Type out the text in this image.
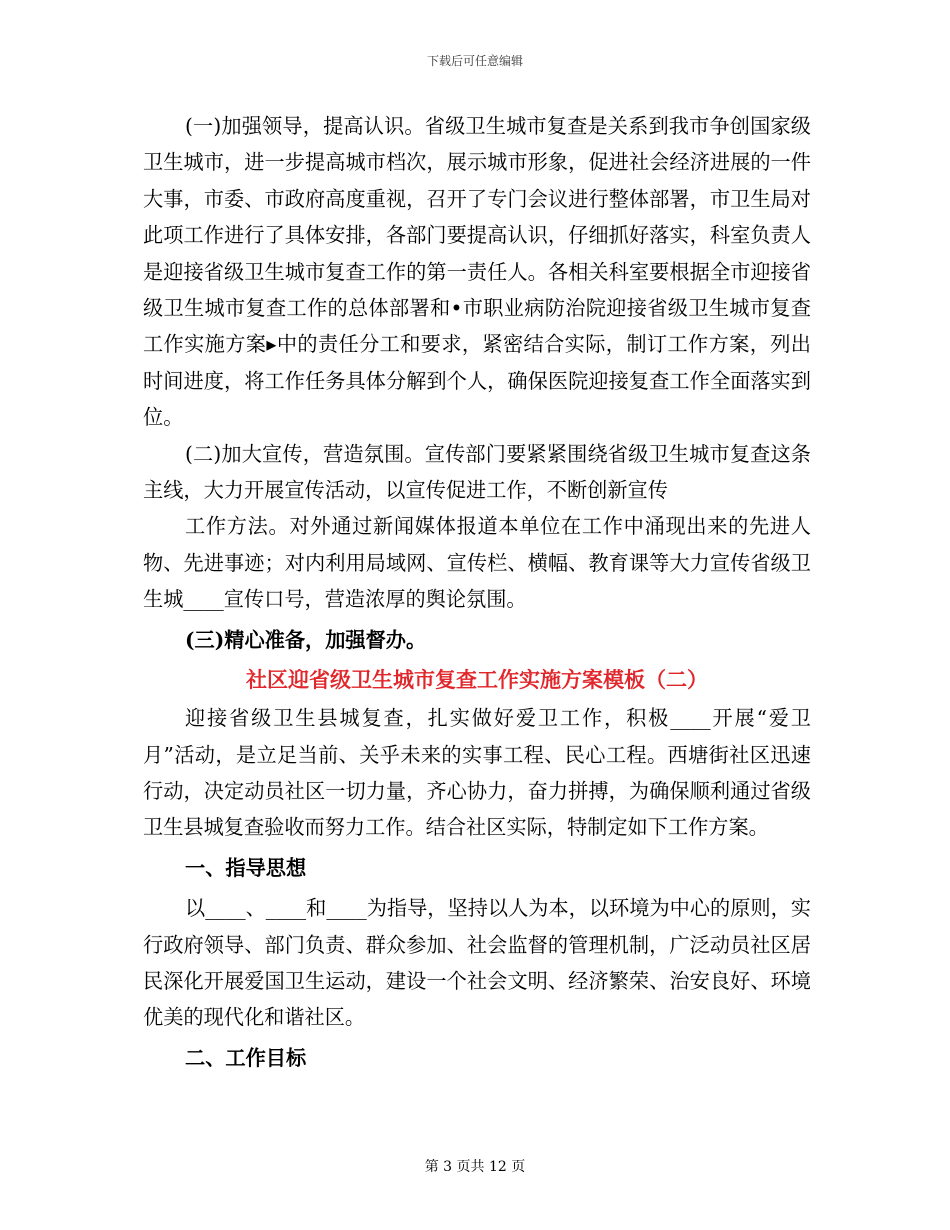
下载后可任意编辑

(一)加强领导，提高认识。省级卫生城市复查是关系到我市争创国家级卫生城市，进一步提高城市档次，展示城市形象，促进社会经济进展的一件大事，市委、市政府高度重视，召开了专门会议进行整体部署，市卫生局对此项工作进行了具体安排，各部门要提高认识，仔细抓好落实，科室负责人是迎接省级卫生城市复查工作的第一责任人。各相关科室要根据全市迎接省级卫生城市复查工作的总体部署和•市职业病防治院迎接省级卫生城市复查工作实施方案▸中的责任分工和要求，紧密结合实际，制订工作方案，列出时间进度，将工作任务具体分解到个人，确保医院迎接复查工作全面落实到位。

(二)加大宣传，营造氛围。宣传部门要紧紧围绕省级卫生城市复查这条主线，大力开展宣传活动，以宣传促进工作，不断创新宣传

工作方法。对外通过新闻媒体报道本单位在工作中涌现出来的先进人物、先进事迹；对内利用局域网、宣传栏、横幅、教育课等大力宣传省级卫生城____宣传口号，营造浓厚的舆论氛围。

(三)精心准备，加强督办。

社区迎省级卫生城市复查工作实施方案模板（二）

迎接省级卫生县城复查，扎实做好爱卫工作，积极____开展“爱卫月”活动，是立足当前、关乎未来的实事工程、民心工程。西塘街社区迅速行动，决定动员社区一切力量，齐心协力，奋力拼搏，为确保顺利通过省级卫生县城复查验收而努力工作。结合社区实际，特制定如下工作方案。

一、指导思想

以____、____和____为指导，坚持以人为本，以环境为中心的原则，实行政府领导、部门负责、群众参加、社会监督的管理机制，广泛动员社区居民深化开展爱国卫生运动，建设一个社会文明、经济繁荣、治安良好、环境优美的现代化和谐社区。

二、工作目标

第 3 页共 12 页
